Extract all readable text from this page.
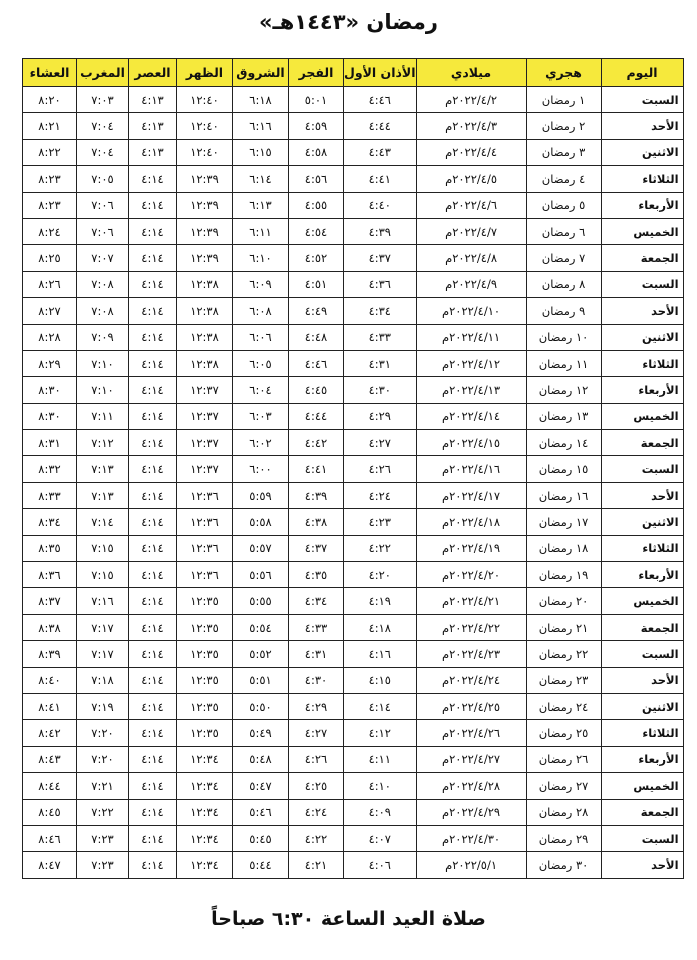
رمضان «١٤٤٣هـ»
اليوم	هجري	ميلادي	الأذان الأول	الفجر	الشروق	الظهر	العصر	المغرب	العشاء
السبت	١ رمضان	٢٠٢٢/٤/٢م	٤:٤٦	٥:٠١	٦:١٨	١٢:٤٠	٤:١٣	٧:٠٣	٨:٢٠
الأحد	٢ رمضان	٢٠٢٢/٤/٣م	٤:٤٤	٤:٥٩	٦:١٦	١٢:٤٠	٤:١٣	٧:٠٤	٨:٢١
الاثنين	٣ رمضان	٢٠٢٢/٤/٤م	٤:٤٣	٤:٥٨	٦:١٥	١٢:٤٠	٤:١٣	٧:٠٤	٨:٢٢
الثلاثاء	٤ رمضان	٢٠٢٢/٤/٥م	٤:٤١	٤:٥٦	٦:١٤	١٢:٣٩	٤:١٤	٧:٠٥	٨:٢٣
الأربعاء	٥ رمضان	٢٠٢٢/٤/٦م	٤:٤٠	٤:٥٥	٦:١٣	١٢:٣٩	٤:١٤	٧:٠٦	٨:٢٣
الخميس	٦ رمضان	٢٠٢٢/٤/٧م	٤:٣٩	٤:٥٤	٦:١١	١٢:٣٩	٤:١٤	٧:٠٦	٨:٢٤
الجمعة	٧ رمضان	٢٠٢٢/٤/٨م	٤:٣٧	٤:٥٢	٦:١٠	١٢:٣٩	٤:١٤	٧:٠٧	٨:٢٥
السبت	٨ رمضان	٢٠٢٢/٤/٩م	٤:٣٦	٤:٥١	٦:٠٩	١٢:٣٨	٤:١٤	٧:٠٨	٨:٢٦
الأحد	٩ رمضان	٢٠٢٢/٤/١٠م	٤:٣٤	٤:٤٩	٦:٠٨	١٢:٣٨	٤:١٤	٧:٠٨	٨:٢٧
الاثنين	١٠ رمضان	٢٠٢٢/٤/١١م	٤:٣٣	٤:٤٨	٦:٠٦	١٢:٣٨	٤:١٤	٧:٠٩	٨:٢٨
الثلاثاء	١١ رمضان	٢٠٢٢/٤/١٢م	٤:٣١	٤:٤٦	٦:٠٥	١٢:٣٨	٤:١٤	٧:١٠	٨:٢٩
الأربعاء	١٢ رمضان	٢٠٢٢/٤/١٣م	٤:٣٠	٤:٤٥	٦:٠٤	١٢:٣٧	٤:١٤	٧:١٠	٨:٣٠
الخميس	١٣ رمضان	٢٠٢٢/٤/١٤م	٤:٢٩	٤:٤٤	٦:٠٣	١٢:٣٧	٤:١٤	٧:١١	٨:٣٠
الجمعة	١٤ رمضان	٢٠٢٢/٤/١٥م	٤:٢٧	٤:٤٢	٦:٠٢	١٢:٣٧	٤:١٤	٧:١٢	٨:٣١
السبت	١٥ رمضان	٢٠٢٢/٤/١٦م	٤:٢٦	٤:٤١	٦:٠٠	١٢:٣٧	٤:١٤	٧:١٣	٨:٣٢
الأحد	١٦ رمضان	٢٠٢٢/٤/١٧م	٤:٢٤	٤:٣٩	٥:٥٩	١٢:٣٦	٤:١٤	٧:١٣	٨:٣٣
الاثنين	١٧ رمضان	٢٠٢٢/٤/١٨م	٤:٢٣	٤:٣٨	٥:٥٨	١٢:٣٦	٤:١٤	٧:١٤	٨:٣٤
الثلاثاء	١٨ رمضان	٢٠٢٢/٤/١٩م	٤:٢٢	٤:٣٧	٥:٥٧	١٢:٣٦	٤:١٤	٧:١٥	٨:٣٥
الأربعاء	١٩ رمضان	٢٠٢٢/٤/٢٠م	٤:٢٠	٤:٣٥	٥:٥٦	١٢:٣٦	٤:١٤	٧:١٥	٨:٣٦
الخميس	٢٠ رمضان	٢٠٢٢/٤/٢١م	٤:١٩	٤:٣٤	٥:٥٥	١٢:٣٥	٤:١٤	٧:١٦	٨:٣٧
الجمعة	٢١ رمضان	٢٠٢٢/٤/٢٢م	٤:١٨	٤:٣٣	٥:٥٤	١٢:٣٥	٤:١٤	٧:١٧	٨:٣٨
السبت	٢٢ رمضان	٢٠٢٢/٤/٢٣م	٤:١٦	٤:٣١	٥:٥٢	١٢:٣٥	٤:١٤	٧:١٧	٨:٣٩
الأحد	٢٣ رمضان	٢٠٢٢/٤/٢٤م	٤:١٥	٤:٣٠	٥:٥١	١٢:٣٥	٤:١٤	٧:١٨	٨:٤٠
الاثنين	٢٤ رمضان	٢٠٢٢/٤/٢٥م	٤:١٤	٤:٢٩	٥:٥٠	١٢:٣٥	٤:١٤	٧:١٩	٨:٤١
الثلاثاء	٢٥ رمضان	٢٠٢٢/٤/٢٦م	٤:١٢	٤:٢٧	٥:٤٩	١٢:٣٥	٤:١٤	٧:٢٠	٨:٤٢
الأربعاء	٢٦ رمضان	٢٠٢٢/٤/٢٧م	٤:١١	٤:٢٦	٥:٤٨	١٢:٣٤	٤:١٤	٧:٢٠	٨:٤٣
الخميس	٢٧ رمضان	٢٠٢٢/٤/٢٨م	٤:١٠	٤:٢٥	٥:٤٧	١٢:٣٤	٤:١٤	٧:٢١	٨:٤٤
الجمعة	٢٨ رمضان	٢٠٢٢/٤/٢٩م	٤:٠٩	٤:٢٤	٥:٤٦	١٢:٣٤	٤:١٤	٧:٢٢	٨:٤٥
السبت	٢٩ رمضان	٢٠٢٢/٤/٣٠م	٤:٠٧	٤:٢٢	٥:٤٥	١٢:٣٤	٤:١٤	٧:٢٣	٨:٤٦
الأحد	٣٠ رمضان	٢٠٢٢/٥/١م	٤:٠٦	٤:٢١	٥:٤٤	١٢:٣٤	٤:١٤	٧:٢٣	٨:٤٧
صلاة العيد الساعة ٦:٣٠ صباحاً
